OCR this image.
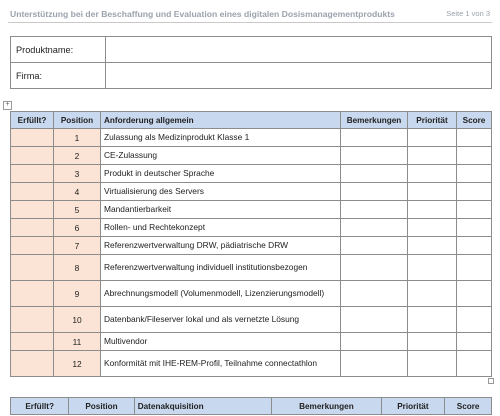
Unterstützung bei der Beschaffung und Evaluation eines digitalen Dosismanagementprodukts	Seite 1 von 3
Produktname:	
Firma:	
+
Erfüllt?	Position	Anforderung allgemein	Bemerkungen	Priorität	Score
	1	Zulassung als Medizinprodukt Klasse 1			
	2	CE-Zulassung			
	3	Produkt in deutscher Sprache			
	4	Virtualisierung des Servers			
	5	Mandantierbarkeit			
	6	Rollen- und Rechtekonzept			
	7	Referenzwertverwaltung DRW, pädiatrische DRW			
	8	Referenzwertverwaltung individuell institutionsbezogen			
	9	Abrechnungsmodell (Volumenmodell, Lizenzierungsmodell)			
	10	Datenbank/Fileserver lokal und als vernetzte Lösung			
	11	Multivendor			
	12	Konformität mit IHE-REM-Profil, Teilnahme connectathlon			
Erfüllt?	Position	Datenakquisition	Bemerkungen	Priorität	Score
